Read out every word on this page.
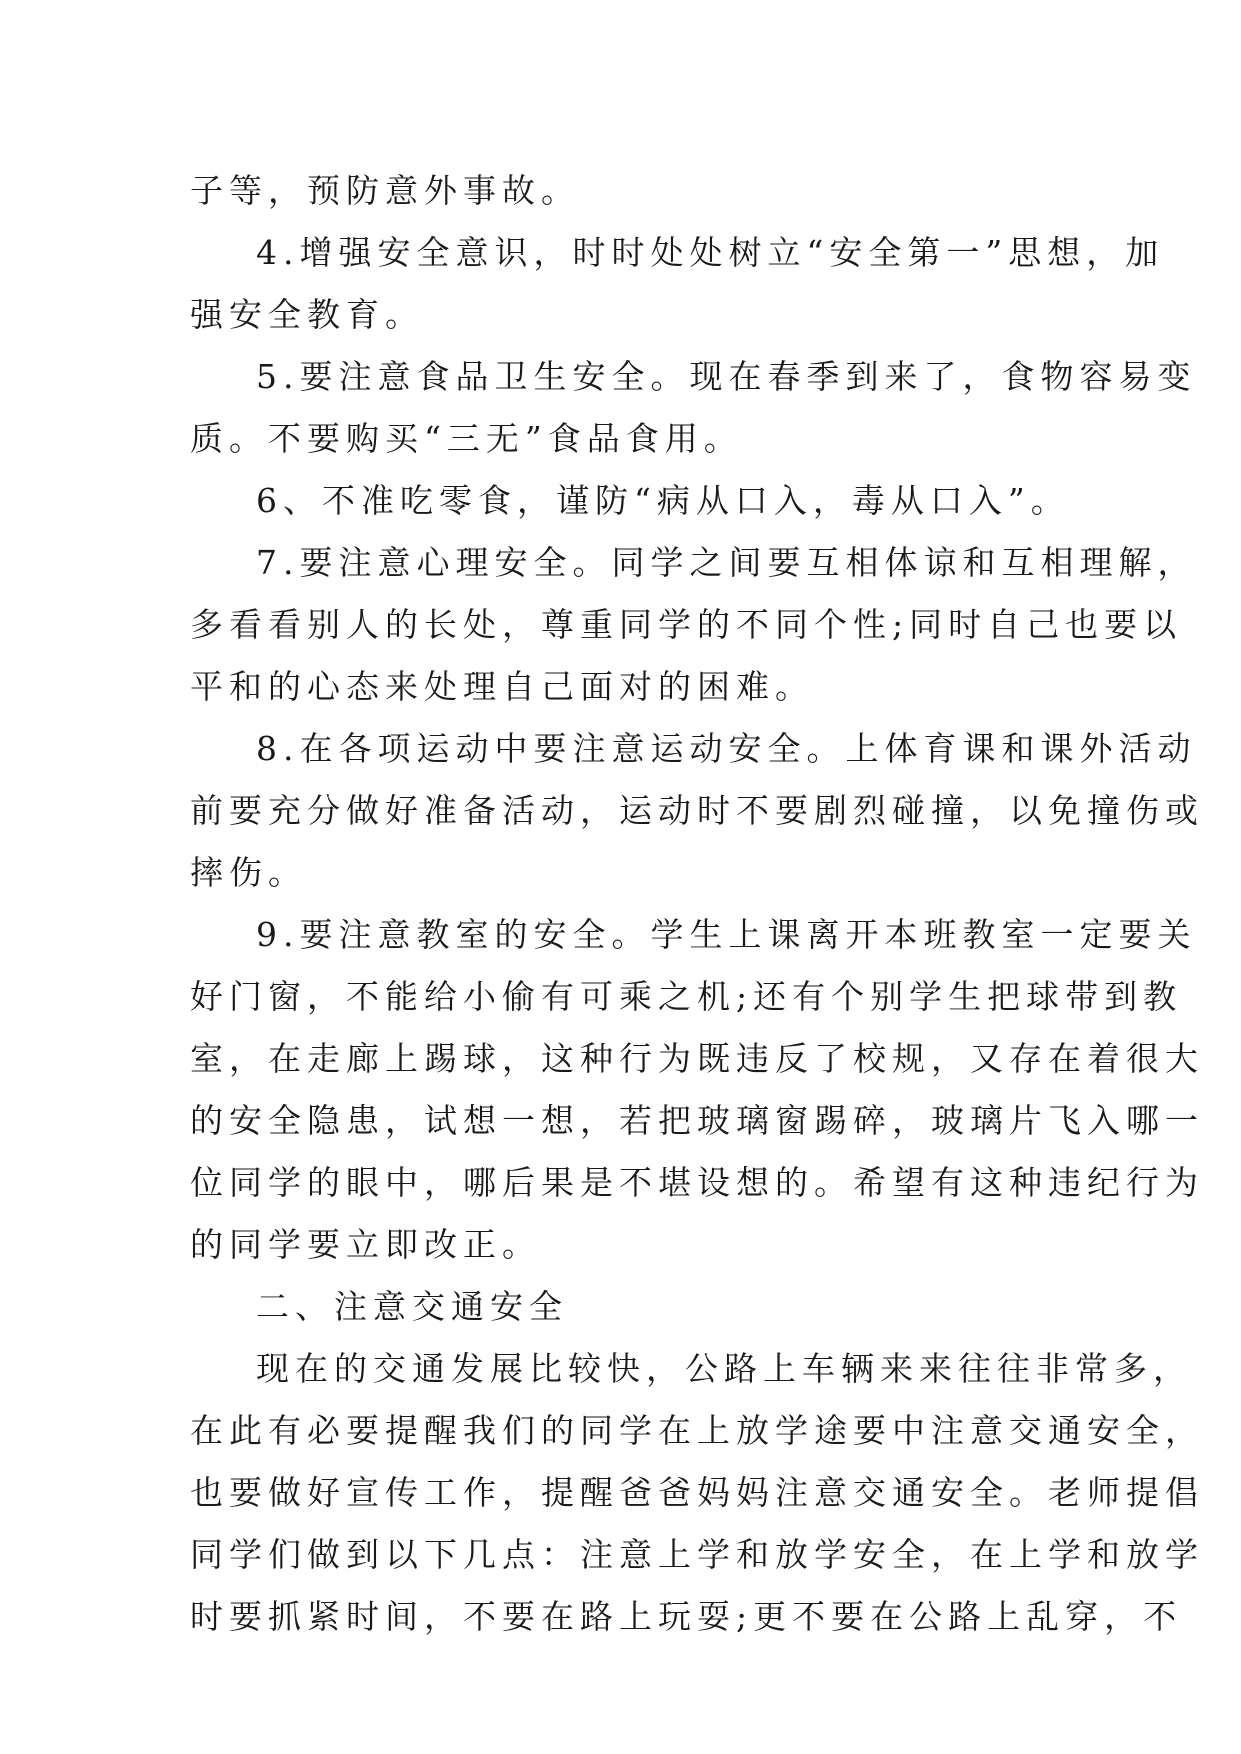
子等，预防意外事故。
4.增强安全意识，时时处处树立“安全第一”思想，加
强安全教育。
5.要注意食品卫生安全。现在春季到来了，食物容易变
质。不要购买“三无”食品食用。
6、不准吃零食，谨防“病从口入，毒从口入”。
7.要注意心理安全。同学之间要互相体谅和互相理解，
多看看别人的长处，尊重同学的不同个性;同时自己也要以
平和的心态来处理自己面对的困难。
8.在各项运动中要注意运动安全。上体育课和课外活动
前要充分做好准备活动，运动时不要剧烈碰撞，以免撞伤或
摔伤。
9.要注意教室的安全。学生上课离开本班教室一定要关
好门窗，不能给小偷有可乘之机;还有个别学生把球带到教
室，在走廊上踢球，这种行为既违反了校规，又存在着很大
的安全隐患，试想一想，若把玻璃窗踢碎，玻璃片飞入哪一
位同学的眼中，哪后果是不堪设想的。希望有这种违纪行为
的同学要立即改正。
二、注意交通安全
现在的交通发展比较快，公路上车辆来来往往非常多，
在此有必要提醒我们的同学在上放学途要中注意交通安全，
也要做好宣传工作，提醒爸爸妈妈注意交通安全。老师提倡
同学们做到以下几点：注意上学和放学安全，在上学和放学
时要抓紧时间，不要在路上玩耍;更不要在公路上乱穿，不
